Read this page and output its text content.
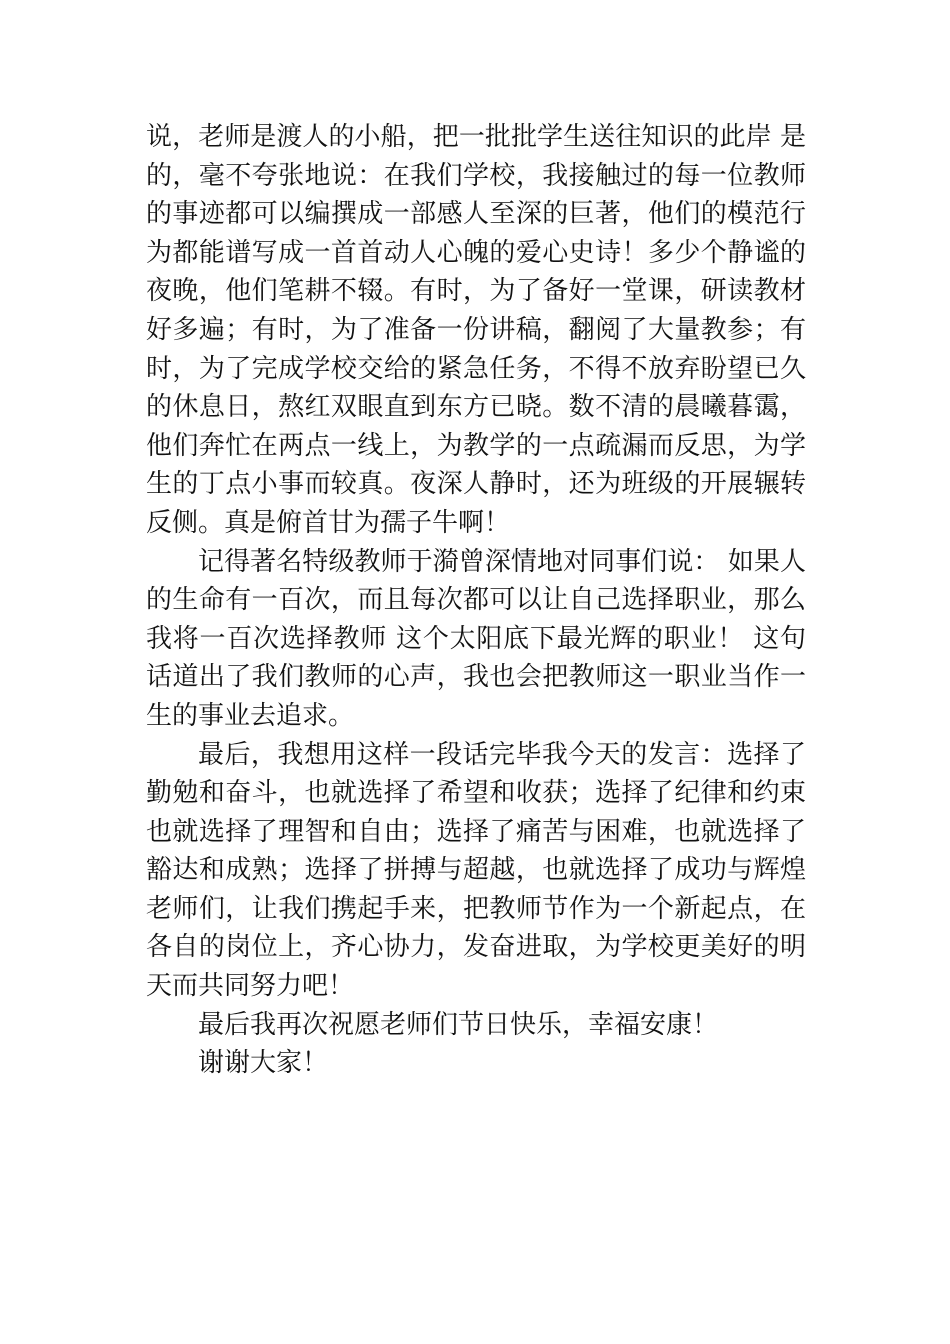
说，老师是渡人的小船，把一批批学生送往知识的此岸 是
的，毫不夸张地说：在我们学校，我接触过的每一位教师
的事迹都可以编撰成一部感人至深的巨著，他们的模范行
为都能谱写成一首首动人心魄的爱心史诗！多少个静谧的
夜晚，他们笔耕不辍。有时，为了备好一堂课，研读教材
好多遍；有时，为了准备一份讲稿，翻阅了大量教参；有
时，为了完成学校交给的紧急任务，不得不放弃盼望已久
的休息日，熬红双眼直到东方已晓。数不清的晨曦暮霭，
他们奔忙在两点一线上，为教学的一点疏漏而反思，为学
生的丁点小事而较真。夜深人静时，还为班级的开展辗转
反侧。真是俯首甘为孺子牛啊！
记得著名特级教师于漪曾深情地对同事们说： 如果人
的生命有一百次，而且每次都可以让自己选择职业，那么
我将一百次选择教师 这个太阳底下最光辉的职业！ 这句
话道出了我们教师的心声，我也会把教师这一职业当作一
生的事业去追求。
最后，我想用这样一段话完毕我今天的发言：选择了
勤勉和奋斗，也就选择了希望和收获；选择了纪律和约束
也就选择了理智和自由；选择了痛苦与困难，也就选择了
豁达和成熟；选择了拼搏与超越，也就选择了成功与辉煌
老师们，让我们携起手来，把教师节作为一个新起点，在
各自的岗位上，齐心协力，发奋进取，为学校更美好的明
天而共同努力吧！
最后我再次祝愿老师们节日快乐，幸福安康！
谢谢大家！
